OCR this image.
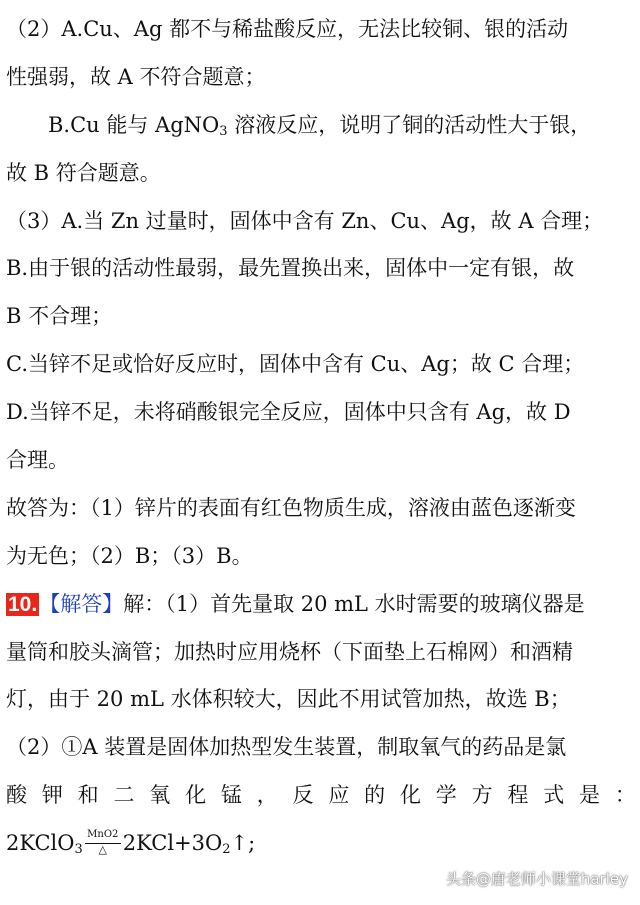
（2）A.Cu、Ag 都不与稀盐酸反应，无法比较铜、银的活动
性强弱，故 A 不符合题意；
B.Cu 能与 AgNO$_3$ 溶液反应，说明了铜的活动性大于银，
故 B 符合题意。
（3）A.当 Zn 过量时，固体中含有 Zn、Cu、Ag，故 A 合理；
B.由于银的活动性最弱，最先置换出来，固体中一定有银，故
B 不合理；
C.当锌不足或恰好反应时，固体中含有 Cu、Ag；故 C 合理；
D.当锌不足，未将硝酸银完全反应，固体中只含有 Ag，故 D
合理。
故答为：（1）锌片的表面有红色物质生成，溶液由蓝色逐渐变
为无色；（2）B；（3）B。
10.【解答】解：（1）首先量取 20 mL 水时需要的玻璃仪器是
量筒和胶头滴管；加热时应用烧杯（下面垫上石棉网）和酒精
灯，由于 20 mL 水体积较大，因此不用试管加热，故选 B；
（2）①A 装置是固体加热型发生装置，制取氧气的药品是氯
酸 钾 和 二 氧 化 锰 ， 反 应 的 化 学 方 程 式 是 ：
2KClO$_3$
MnO2
△ $2KCl+3O_2↑$;
头条@唐老师小课堂harley
